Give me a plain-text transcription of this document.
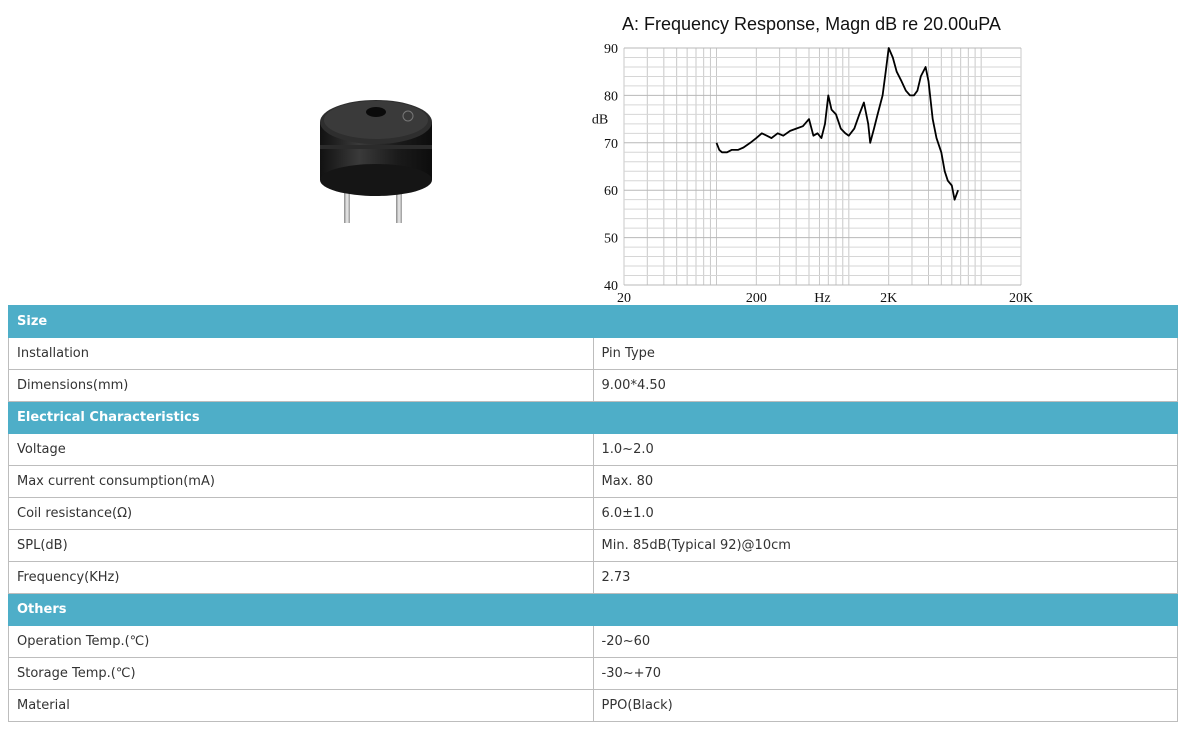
A: Frequency Response, Magn dB re 20.00uPA
40
50
60
70
80
90
dB
20	200	2K	20K
Hz
Size	
Installation	Pin Type
Dimensions(mm)	9.00*4.50
Electrical Characteristics	
Voltage	1.0~2.0
Max current consumption(mA)	Max. 80
Coil resistance(Ω)	6.0±1.0
SPL(dB)	Min. 85dB(Typical 92)@10cm
Frequency(KHz)	2.73
Others	
Operation Temp.(℃)	-20~60
Storage Temp.(℃)	-30~+70
Material	PPO(Black)
